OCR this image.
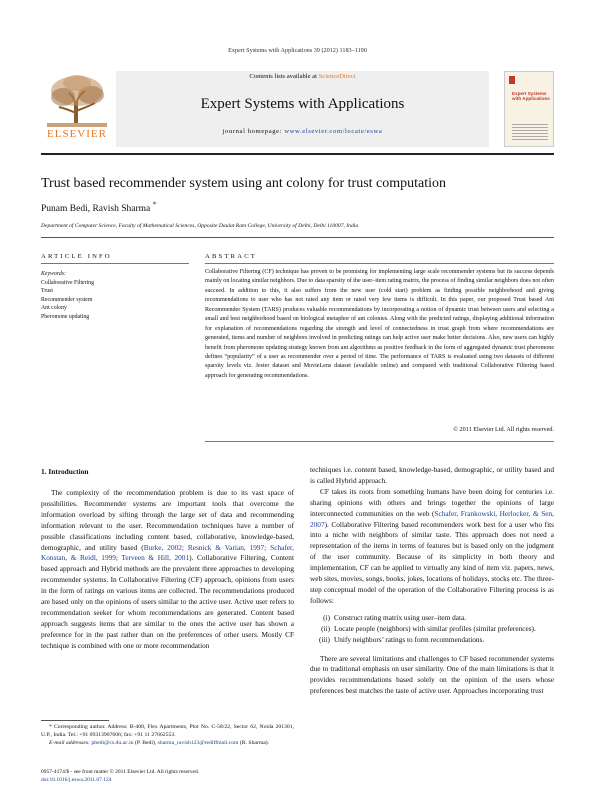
Expert Systems with Applications 39 (2012) 1183–1190
Contents lists available at ScienceDirect
Expert Systems with Applications
journal homepage: www.elsevier.com/locate/eswa
ELSEVIER
Expert Systems with Applications
Trust based recommender system using ant colony for trust computation
Punam Bedi, Ravish Sharma *
Department of Computer Science, Faculty of Mathematical Sciences, Opposite Daulat Ram College, University of Delhi, Delhi 110007, India
ARTICLE INFO	ABSTRACT
Keywords:
Collaborative Filtering
Trust
Recommender system
Ant colony
Pheromone updating
Collaborative Filtering (CF) technique has proven to be promising for implementing large scale recommender systems but its success depends mainly on locating similar neighbors. Due to data sparsity of the user–item rating matrix, the process of finding similar neighbors does not often succeed. In addition to this, it also suffers from the new user (cold start) problem as finding possible neighborhood and giving recommendations to user who has not rated any item or rated very few items is difficult. In this paper, our proposed Trust based Ant Recommender System (TARS) produces valuable recommendations by incorporating a notion of dynamic trust between users and selecting a small and best neighborhood based on biological metaphor of ant colonies. Along with the predicted ratings, displaying additional information for explanation of recommendations regarding the strength and level of connectedness in trust graph from where recommendations are generated, items and number of neighbors involved in predicting ratings can help active user make better decisions. Also, new users can highly benefit from pheromone updating strategy known from ant algorithms as positive feedback in the form of aggregated dynamic trust pheromone defines “popularity” of a user as recommender over a period of time. The performance of TARS is evaluated using two datasets of different sparsity levels viz. Jester dataset and MovieLens dataset (available online) and compared with traditional Collaborative Filtering based approach for generating recommendations.
© 2011 Elsevier Ltd. All rights reserved.
1. Introduction

The complexity of the recommendation problem is due to its vast space of possibilities. Recommender systems are important tools that overcome the information overload by sifting through the large set of data and recommending information relevant to the user. Recommendation techniques have a number of possible classifications including content based, collaborative, knowledge-based, demographic, and utility based (Burke, 2002; Resnick & Varian, 1997; Schafer, Konstan, & Reidl, 1999; Terveen & Hill, 2001). Collaborative Filtering, Content based approach and Hybrid methods are the prevalent three approaches to developing recommender systems. In Collaborative Filtering (CF) approach, opinions from users in the form of ratings on various items are collected. The recommendations produced are based only on the opinions of users similar to the active user. Active user refers to recommendation seeker for whom recommendations are generated. Content based approach suggests items that are similar to the ones the active user has shown a preference for in the past rather than on the preferences of other users. Mostly CF technique is combined with one or more recommendation

techniques i.e. content based, knowledge-based, demographic, or utility based and is called Hybrid approach.

CF takes its roots from something humans have been doing for centuries i.e. sharing opinions with others and brings together the opinions of large interconnected communities on the web (Schafer, Frankowski, Herlocker, & Sen, 2007). Collaborative Filtering based recommenders work best for a user who fits into a niche with neighbors of similar taste. This approach does not need a representation of the items in terms of features but is based only on the judgment of the user community. Because of its simplicity in both theory and implementation, CF can be applied to virtually any kind of item viz. papers, news, web sites, movies, songs, books, jokes, locations of holidays, stocks etc. The three-step conceptual model of the operation of the Collaborative Filtering process is as follows:

(i) Construct rating matrix using user–item data.
(ii) Locate people (neighbors) with similar profiles (similar preferences).
(iii) Unify neighbors’ ratings to form recommendations.

There are several limitations and challenges to CF based recommender systems due to traditional emphasis on user similarity. One of the main limitations is that it provides recommendations based solely on the opinion of the users whose preferences best matches the taste of active user. Approaches incorporating trust

* Corresponding author. Address: B-408, Flex Apartments, Plot No. C-58/22, Sector 62, Noida 201301, U.P., India. Tel.: +91 09313907606; fax: +91 11 27662553.
E-mail addresses: pbedi@cs.du.ac.in (P. Bedi), sharma_ravish123@rediffmail.com (R. Sharma).
0957-4174/$ - see front matter © 2011 Elsevier Ltd. All rights reserved.
doi:10.1016/j.eswa.2011.07.124
